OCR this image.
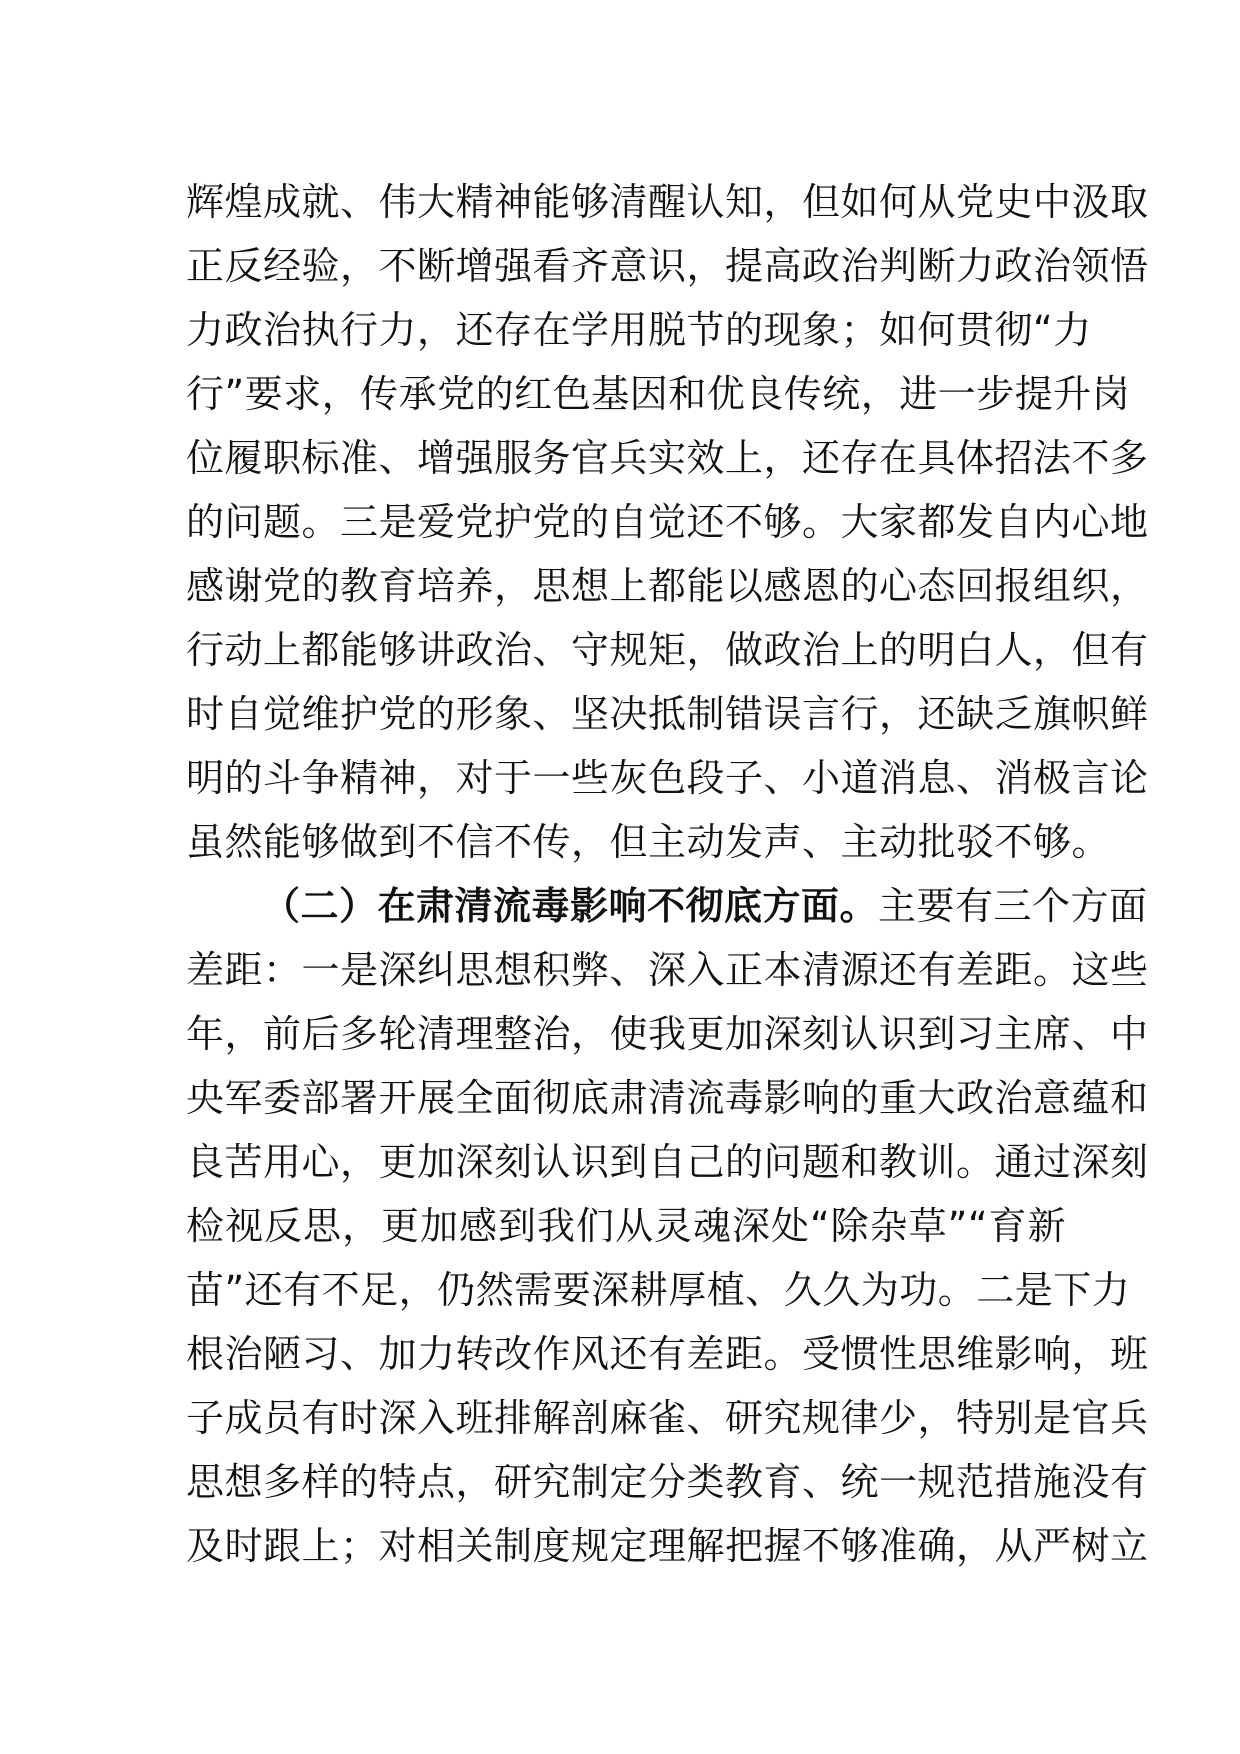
辉煌成就、伟大精神能够清醒认知，但如何从党史中汲取
正反经验，不断增强看齐意识，提高政治判断力政治领悟
力政治执行力，还存在学用脱节的现象；如何贯彻“力
行”要求，传承党的红色基因和优良传统，进一步提升岗
位履职标准、增强服务官兵实效上，还存在具体招法不多
的问题。三是爱党护党的自觉还不够。大家都发自内心地
感谢党的教育培养，思想上都能以感恩的心态回报组织，
行动上都能够讲政治、守规矩，做政治上的明白人，但有
时自觉维护党的形象、坚决抵制错误言行，还缺乏旗帜鲜
明的斗争精神，对于一些灰色段子、小道消息、消极言论
虽然能够做到不信不传，但主动发声、主动批驳不够。
（二）在肃清流毒影响不彻底方面。主要有三个方面
差距：一是深纠思想积弊、深入正本清源还有差距。这些
年，前后多轮清理整治，使我更加深刻认识到习主席、中
央军委部署开展全面彻底肃清流毒影响的重大政治意蕴和
良苦用心，更加深刻认识到自己的问题和教训。通过深刻
检视反思，更加感到我们从灵魂深处“除杂草”“育新
苗”还有不足，仍然需要深耕厚植、久久为功。二是下力
根治陋习、加力转改作风还有差距。受惯性思维影响，班
子成员有时深入班排解剖麻雀、研究规律少，特别是官兵
思想多样的特点，研究制定分类教育、统一规范措施没有
及时跟上；对相关制度规定理解把握不够准确，从严树立
